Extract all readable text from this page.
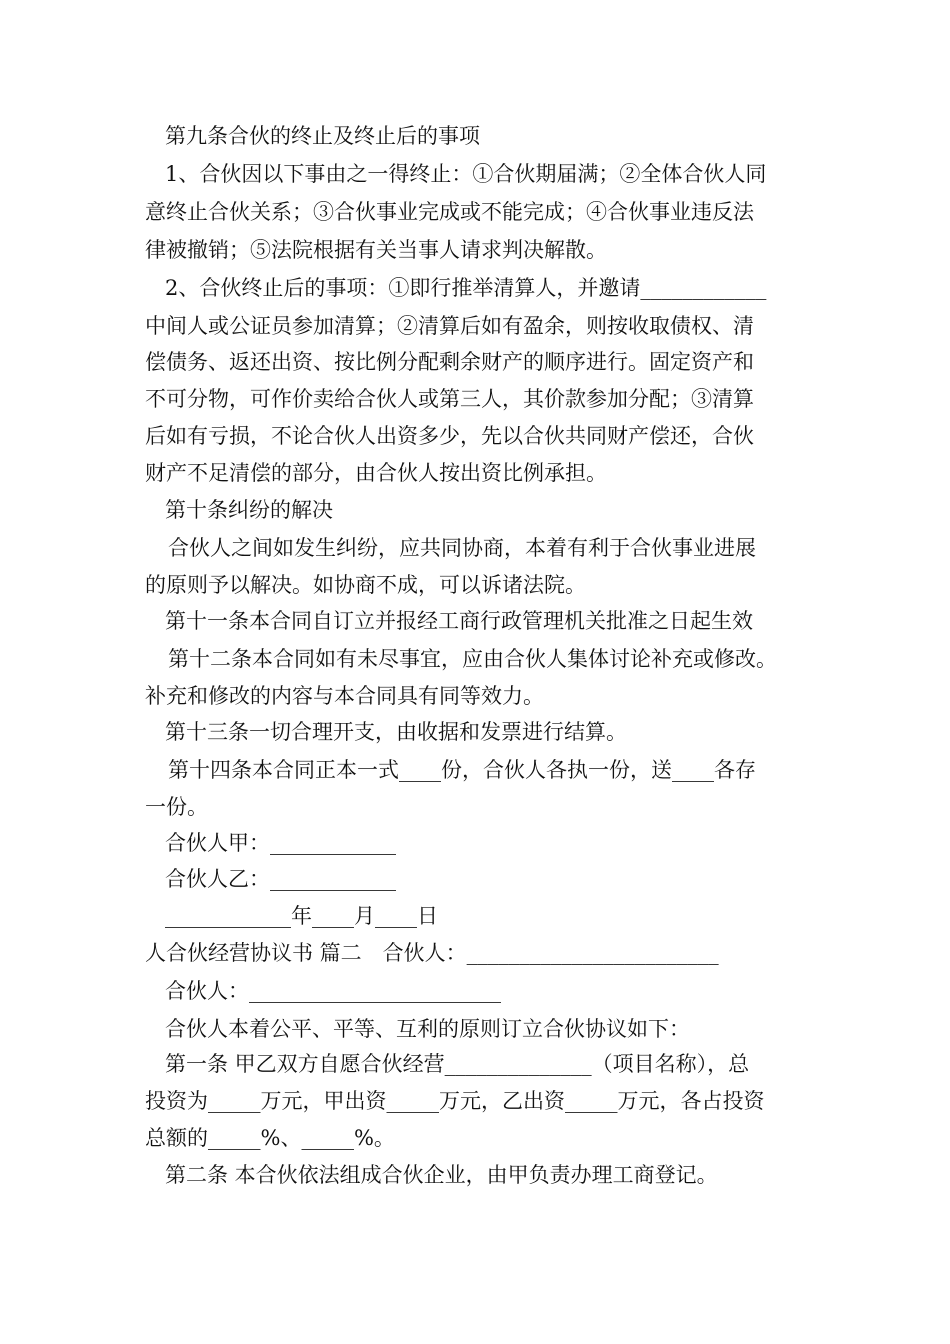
第九条合伙的终止及终止后的事项
1、合伙因以下事由之一得终止：①合伙期届满；②全体合伙人同
意终止合伙关系；③合伙事业完成或不能完成；④合伙事业违反法
律被撤销；⑤法院根据有关当事人请求判决解散。
2、合伙终止后的事项：①即行推举清算人，并邀请____________
中间人或公证员参加清算；②清算后如有盈余，则按收取债权、清
偿债务、返还出资、按比例分配剩余财产的顺序进行。固定资产和
不可分物，可作价卖给合伙人或第三人，其价款参加分配；③清算
后如有亏损，不论合伙人出资多少，先以合伙共同财产偿还，合伙
财产不足清偿的部分，由合伙人按出资比例承担。
第十条纠纷的解决
合伙人之间如发生纠纷，应共同协商，本着有利于合伙事业进展
的原则予以解决。如协商不成，可以诉诸法院。
第十一条本合同自订立并报经工商行政管理机关批准之日起生效
第十二条本合同如有未尽事宜，应由合伙人集体讨论补充或修改。
补充和修改的内容与本合同具有同等效力。
第十三条一切合理开支，由收据和发票进行结算。
第十四条本合同正本一式____份，合伙人各执一份，送____各存
一份。
合伙人甲：____________
合伙人乙：____________
____________年____月____日
人合伙经营协议书 篇二　合伙人：________________________
合伙人：________________________
合伙人本着公平、平等、互利的原则订立合伙协议如下：
第一条 甲乙双方自愿合伙经营______________（项目名称），总
投资为_____万元，甲出资_____万元，乙出资_____万元，各占投资
总额的_____%、_____%。
第二条 本合伙依法组成合伙企业，由甲负责办理工商登记。
